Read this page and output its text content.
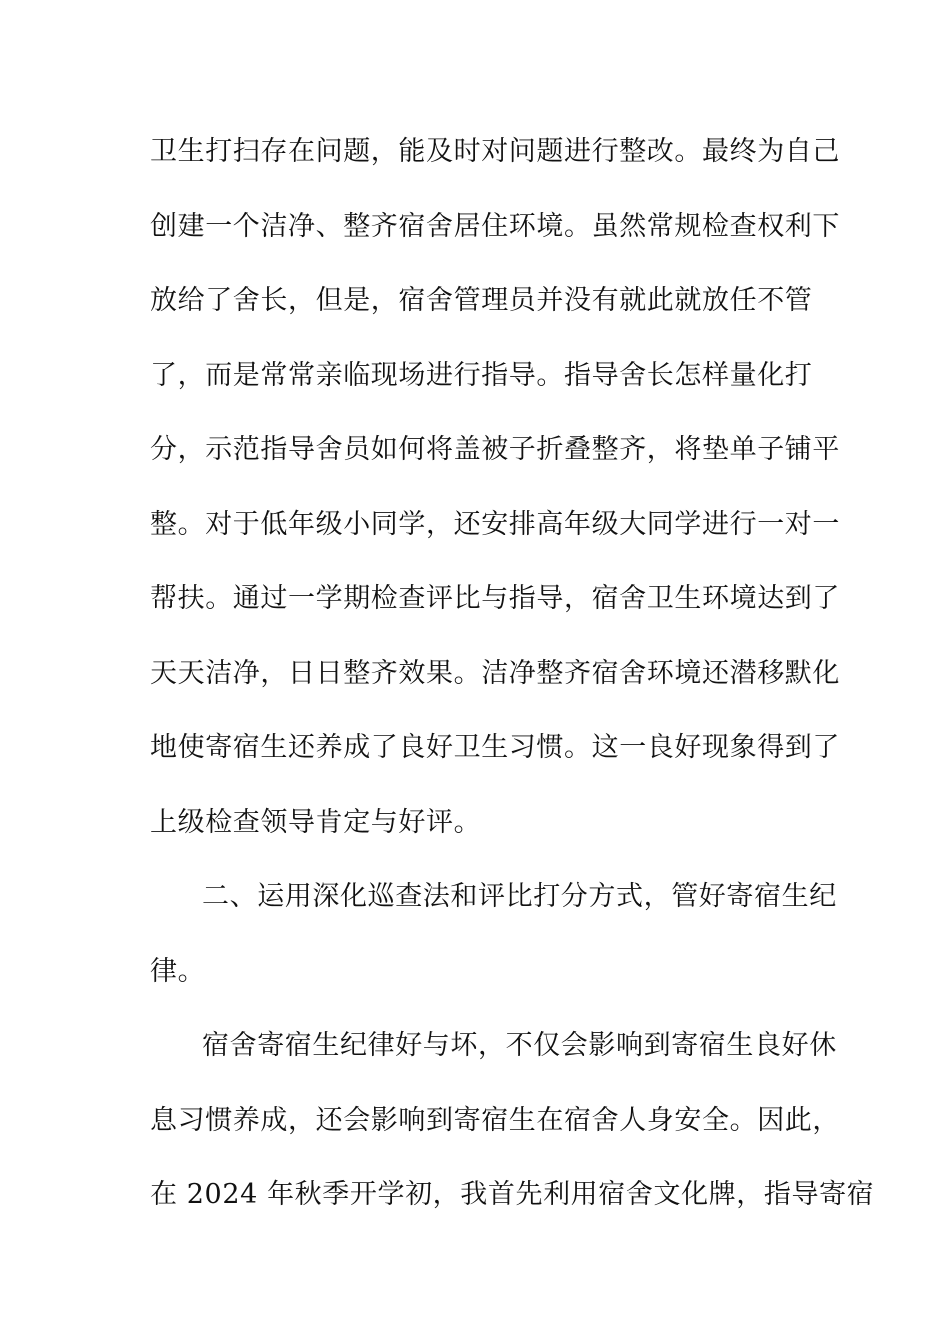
卫生打扫存在问题，能及时对问题进行整改。最终为自己
创建一个洁净、整齐宿舍居住环境。虽然常规检查权利下
放给了舍长，但是，宿舍管理员并没有就此就放任不管
了，而是常常亲临现场进行指导。指导舍长怎样量化打
分，示范指导舍员如何将盖被子折叠整齐，将垫单子铺平
整。对于低年级小同学，还安排高年级大同学进行一对一
帮扶。通过一学期检查评比与指导，宿舍卫生环境达到了
天天洁净，日日整齐效果。洁净整齐宿舍环境还潜移默化
地使寄宿生还养成了良好卫生习惯。这一良好现象得到了
上级检查领导肯定与好评。
二、运用深化巡查法和评比打分方式，管好寄宿生纪
律。
宿舍寄宿生纪律好与坏，不仅会影响到寄宿生良好休
息习惯养成，还会影响到寄宿生在宿舍人身安全。因此，
在 2024 年秋季开学初，我首先利用宿舍文化牌，指导寄宿
